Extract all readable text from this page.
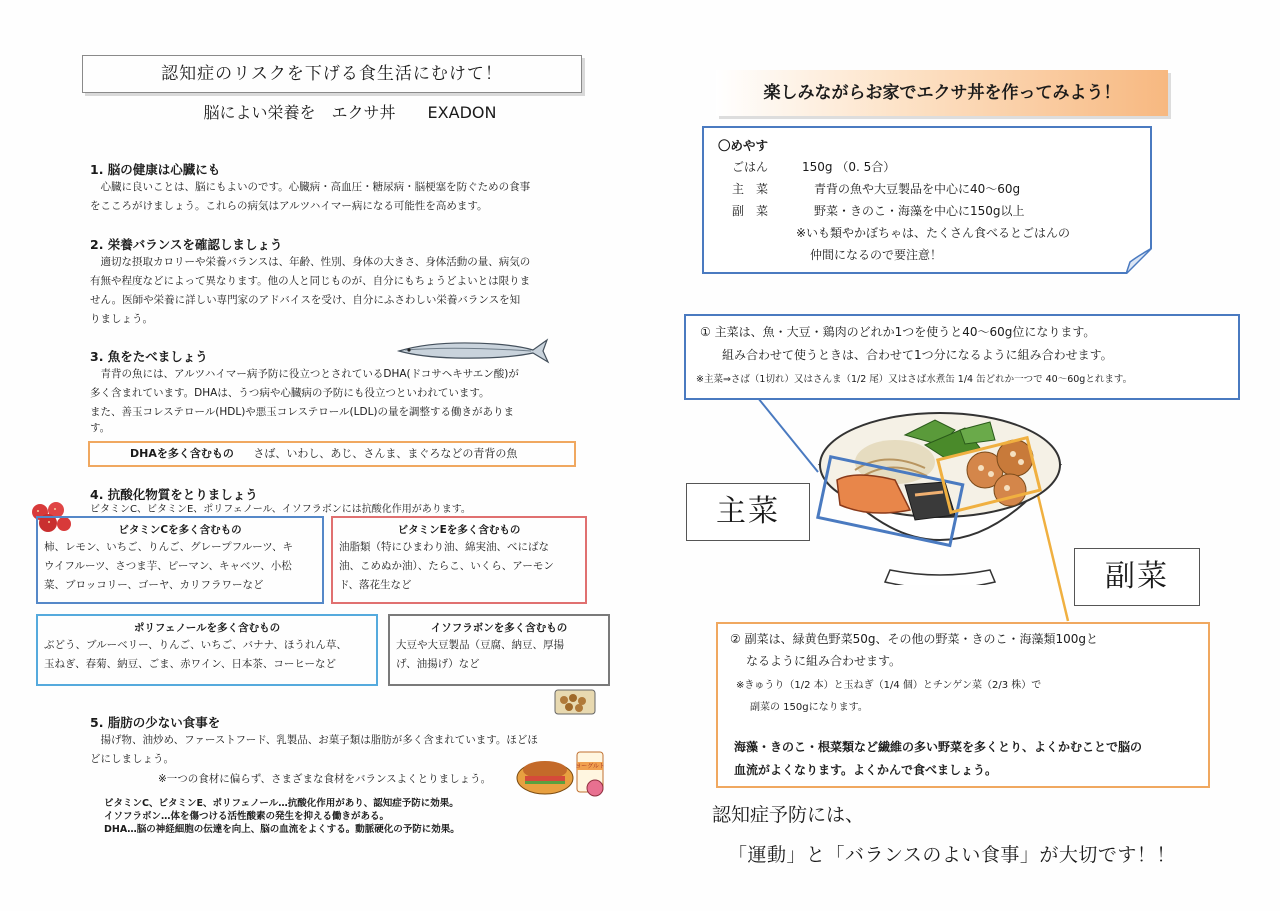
認知症のリスクを下げる食生活にむけて！
脳によい栄養を　エクサ丼　　EXADON
1. 脳の健康は心臓にも
　心臓に良いことは、脳にもよいのです。心臓病・高血圧・糖尿病・脳梗塞を防ぐための食事
をこころがけましょう。これらの病気はアルツハイマー病になる可能性を高めます。
2. 栄養バランスを確認しましょう
　適切な摂取カロリーや栄養バランスは、年齢、性別、身体の大きさ、身体活動の量、病気の
有無や程度などによって異なります。他の人と同じものが、自分にもちょうどよいとは限りま
せん。医師や栄養に詳しい専門家のアドバイスを受け、自分にふさわしい栄養バランスを知
りましょう。
3. 魚をたべましょう
　青背の魚には、アルツハイマー病予防に役立つとされているDHA(ドコサヘキサエン酸)が
多く含まれています。DHAは、うつ病や心臓病の予防にも役立つといわれています。
また、善玉コレステロール(HDL)や悪玉コレステロール(LDL)の量を調整する働きがありま
す。
DHAを多く含むもの さば、いわし、あじ、さんま、まぐろなどの青背の魚
4. 抗酸化物質をとりましょう
ビタミンC、ビタミンE、ポリフェノール、イソフラボンには抗酸化作用があります。
ビタミンCを多く含むもの
柿、レモン、いちご、りんご、グレープフルーツ、キ
ウイフルーツ、さつま芋、ピーマン、キャベツ、小松
菜、ブロッコリー、ゴーヤ、カリフラワーなど
ビタミンEを多く含むもの
油脂類（特にひまわり油、綿実油、べにばな
油、こめぬか油）、たらこ、いくら、アーモン
ド、落花生など
ポリフェノールを多く含むもの
ぶどう、ブルーベリー、りんご、いちご、バナナ、ほうれん草、
玉ねぎ、春菊、納豆、ごま、赤ワイン、日本茶、コーヒーなど
イソフラボンを多く含むもの
大豆や大豆製品（豆腐、納豆、厚揚
げ、油揚げ）など
5. 脂肪の少ない食事を
　揚げ物、油炒め、ファーストフード、乳製品、お菓子類は脂肪が多く含まれています。ほどほ
どにしましょう。
※一つの食材に偏らず、さまざまな食材をバランスよくとりましょう。
ヨーグルト
ビタミンC、ビタミンE、ポリフェノール…抗酸化作用があり、認知症予防に効果。
イソフラボン…体を傷つける活性酸素の発生を抑える働きがある。
DHA…脳の神経細胞の伝達を向上、脳の血流をよくする。動脈硬化の予防に効果。
楽しみながらお家でエクサ丼を作ってみよう！
〇めやす
ごはん	150g （0. 5合）
主　菜	青背の魚や大豆製品を中心に40～60g
副　菜	野菜・きのこ・海藻を中心に150g以上
※いも類やかぼちゃは、たくさん食べるとごはんの
仲間になるので要注意！
① 主菜は、魚・大豆・鶏肉のどれか1つを使うと40～60g位になります。
組み合わせて使うときは、合わせて1つ分になるように組み合わせます。
※主菜⇒さば（1切れ）又はさんま（1/2 尾）又はさば水煮缶 1/4 缶どれか一つで 40～60gとれます。
主菜
副菜
② 副菜は、緑黄色野菜50g、その他の野菜・きのこ・海藻類100gと
なるように組み合わせます。
※きゅうり（1/2 本）と玉ねぎ（1/4 個）とチンゲン菜（2/3 株）で
副菜の 150gになります。
海藻・きのこ・根菜類など繊維の多い野菜を多くとり、よくかむことで脳の
血流がよくなります。よくかんで食べましょう。
認知症予防には、
「運動」と「バランスのよい食事」が大切です！！
